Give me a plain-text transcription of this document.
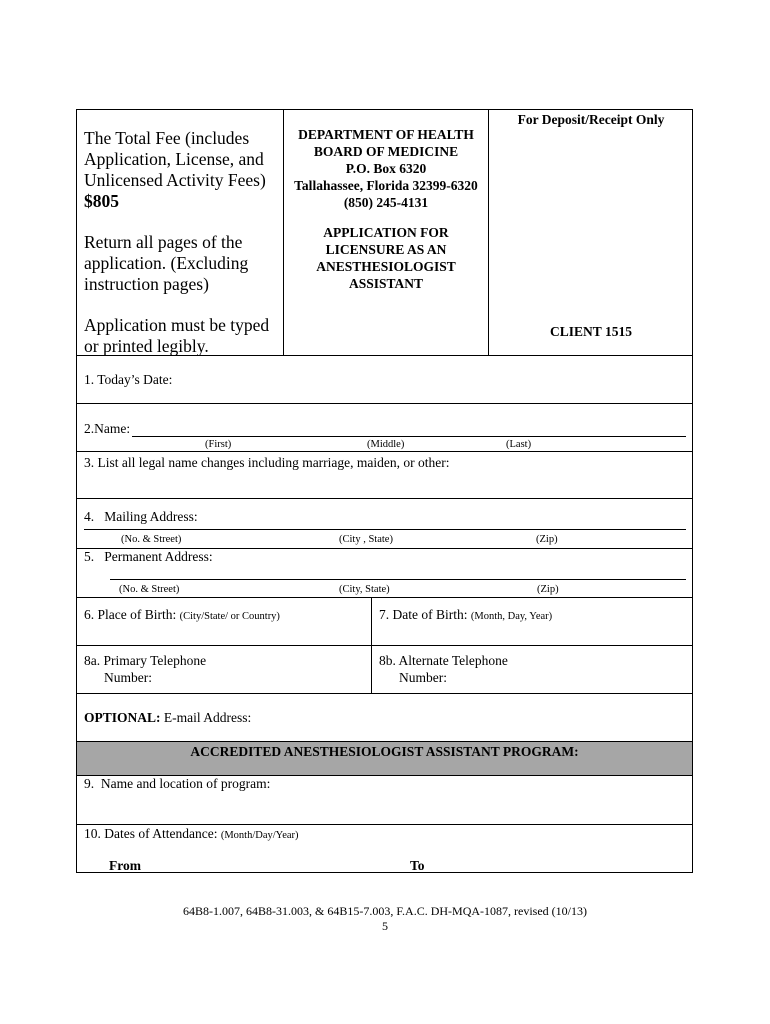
The Total Fee (includes
Application, License, and
Unlicensed Activity Fees)
$805
Return all pages of the
application. (Excluding
instruction pages)
Application must be typed
or printed legibly.
DEPARTMENT OF HEALTH
BOARD OF MEDICINE
P.O. Box 6320
Tallahassee, Florida 32399-6320
(850) 245-4131
APPLICATION FOR
LICENSURE AS AN
ANESTHESIOLOGIST
ASSISTANT
For Deposit/Receipt Only
CLIENT 1515
1. Today’s Date:
2.Name:
(First)	(Middle)	(Last)
3. List all legal name changes including marriage, maiden, or other:
4.   Mailing Address:
(No. & Street)	(City , State)	(Zip)
5.   Permanent Address:
(No. & Street)	(City, State)	(Zip)
6. Place of Birth: (City/State/ or Country)	7. Date of Birth: (Month, Day, Year)
8a. Primary Telephone
Number:
8b. Alternate Telephone
Number:
OPTIONAL: E-mail Address:
ACCREDITED ANESTHESIOLOGIST ASSISTANT PROGRAM:
9.  Name and location of program:
10. Dates of Attendance: (Month/Day/Year)
From	To
64B8-1.007, 64B8-31.003, & 64B15-7.003, F.A.C. DH-MQA-1087, revised (10/13)
5
